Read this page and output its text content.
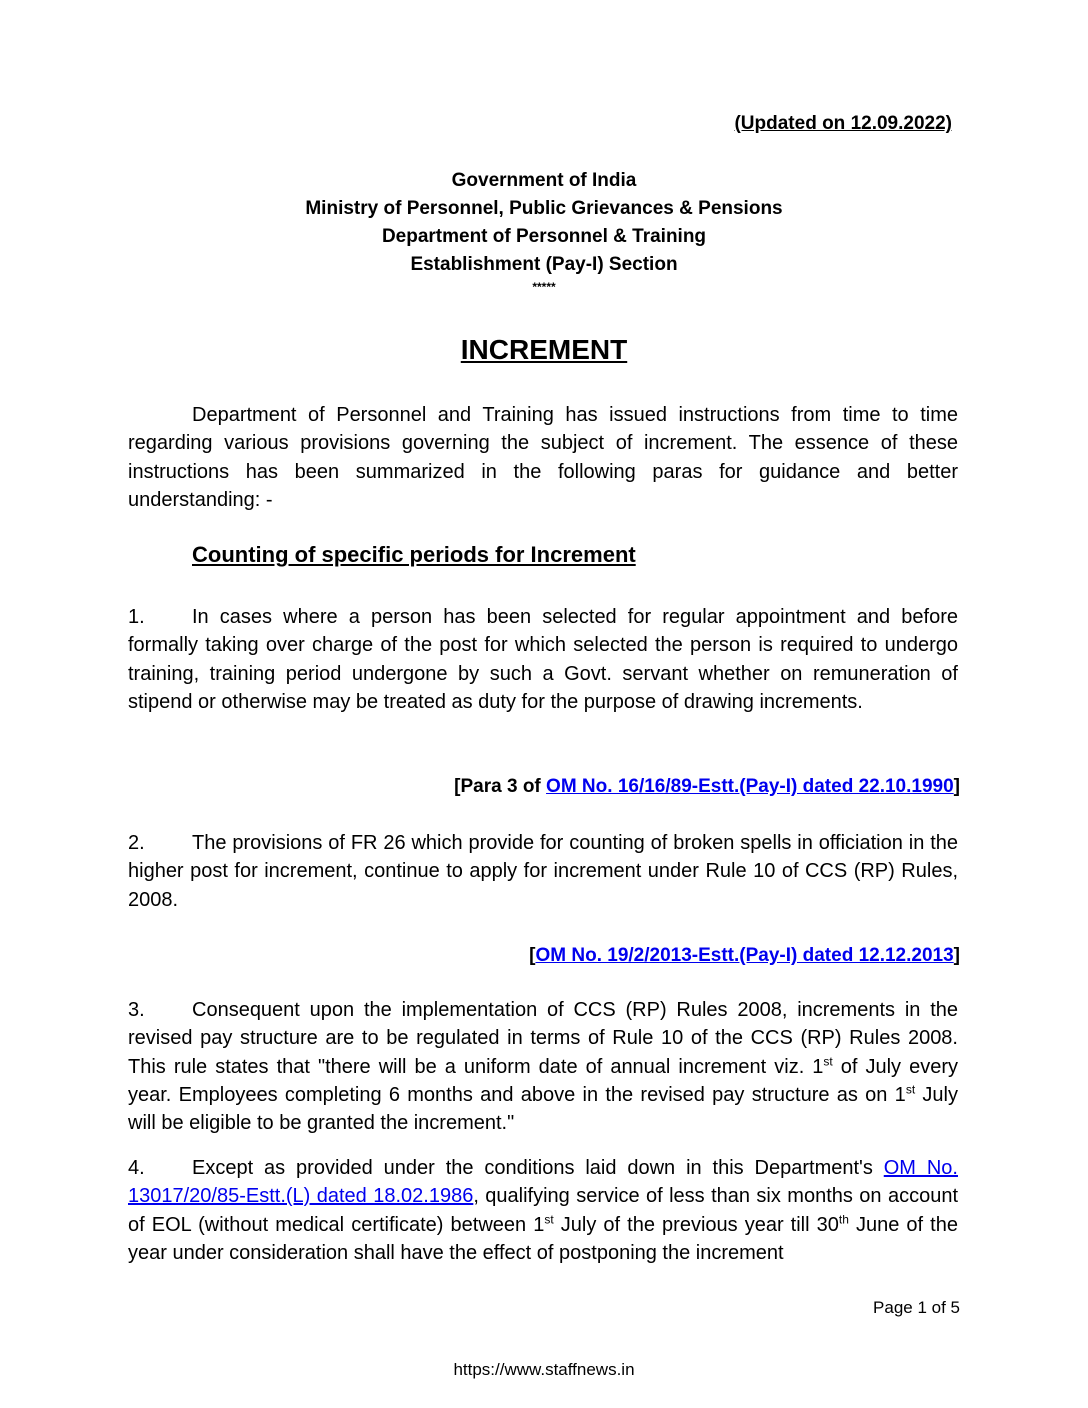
(Updated on 12.09.2022)
Government of India
Ministry of Personnel, Public Grievances & Pensions
Department of Personnel & Training
Establishment (Pay-I) Section
*****
INCREMENT
Department of Personnel and Training has issued instructions from time to time regarding various provisions governing the subject of increment. The essence of these instructions has been summarized in the following paras for guidance and better understanding: -
Counting of specific periods for Increment
1. In cases where a person has been selected for regular appointment and before formally taking over charge of the post for which selected the person is required to undergo training, training period undergone by such a Govt. servant whether on remuneration of stipend or otherwise may be treated as duty for the purpose of drawing increments.
[Para 3 of OM No. 16/16/89-Estt.(Pay-I) dated 22.10.1990]
2. The provisions of FR 26 which provide for counting of broken spells in officiation in the higher post for increment, continue to apply for increment under Rule 10 of CCS (RP) Rules, 2008.
[OM No. 19/2/2013-Estt.(Pay-I) dated 12.12.2013]
3. Consequent upon the implementation of CCS (RP) Rules 2008, increments in the revised pay structure are to be regulated in terms of Rule 10 of the CCS (RP) Rules 2008. This rule states that "there will be a uniform date of annual increment viz. 1st of July every year. Employees completing 6 months and above in the revised pay structure as on 1st July will be eligible to be granted the increment."
4. Except as provided under the conditions laid down in this Department's OM No. 13017/20/85-Estt.(L) dated 18.02.1986, qualifying service of less than six months on account of EOL (without medical certificate) between 1st July of the previous year till 30th June of the year under consideration shall have the effect of postponing the increment
Page 1 of 5
https://www.staffnews.in
